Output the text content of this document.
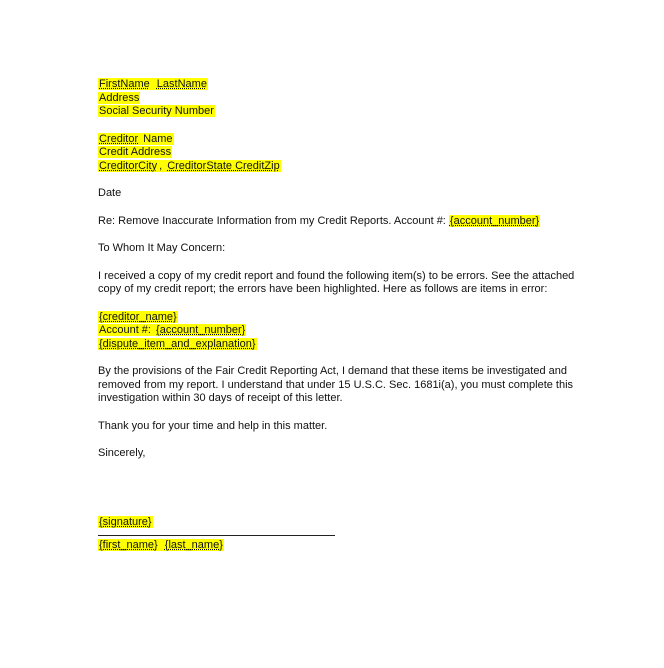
FirstName LastName
Address
Social Security Number
Creditor Name
Credit Address
CreditorCity , CreditorState CreditZip
Date
Re: Remove Inaccurate Information from my Credit Reports. Account #: {account_number}
To Whom It May Concern:
I received a copy of my credit report and found the following item(s) to be errors. See the attached copy of my credit report; the errors have been highlighted. Here as follows are items in error:
{creditor_name}
Account #: {account_number}
{dispute_item_and_explanation}
By the provisions of the Fair Credit Reporting Act, I demand that these items be investigated and removed from my report. I understand that under 15 U.S.C. Sec. 1681i(a), you must complete this investigation within 30 days of receipt of this letter.
Thank you for your time and help in this matter.
Sincerely,
{signature}
{first_name} {last_name}
